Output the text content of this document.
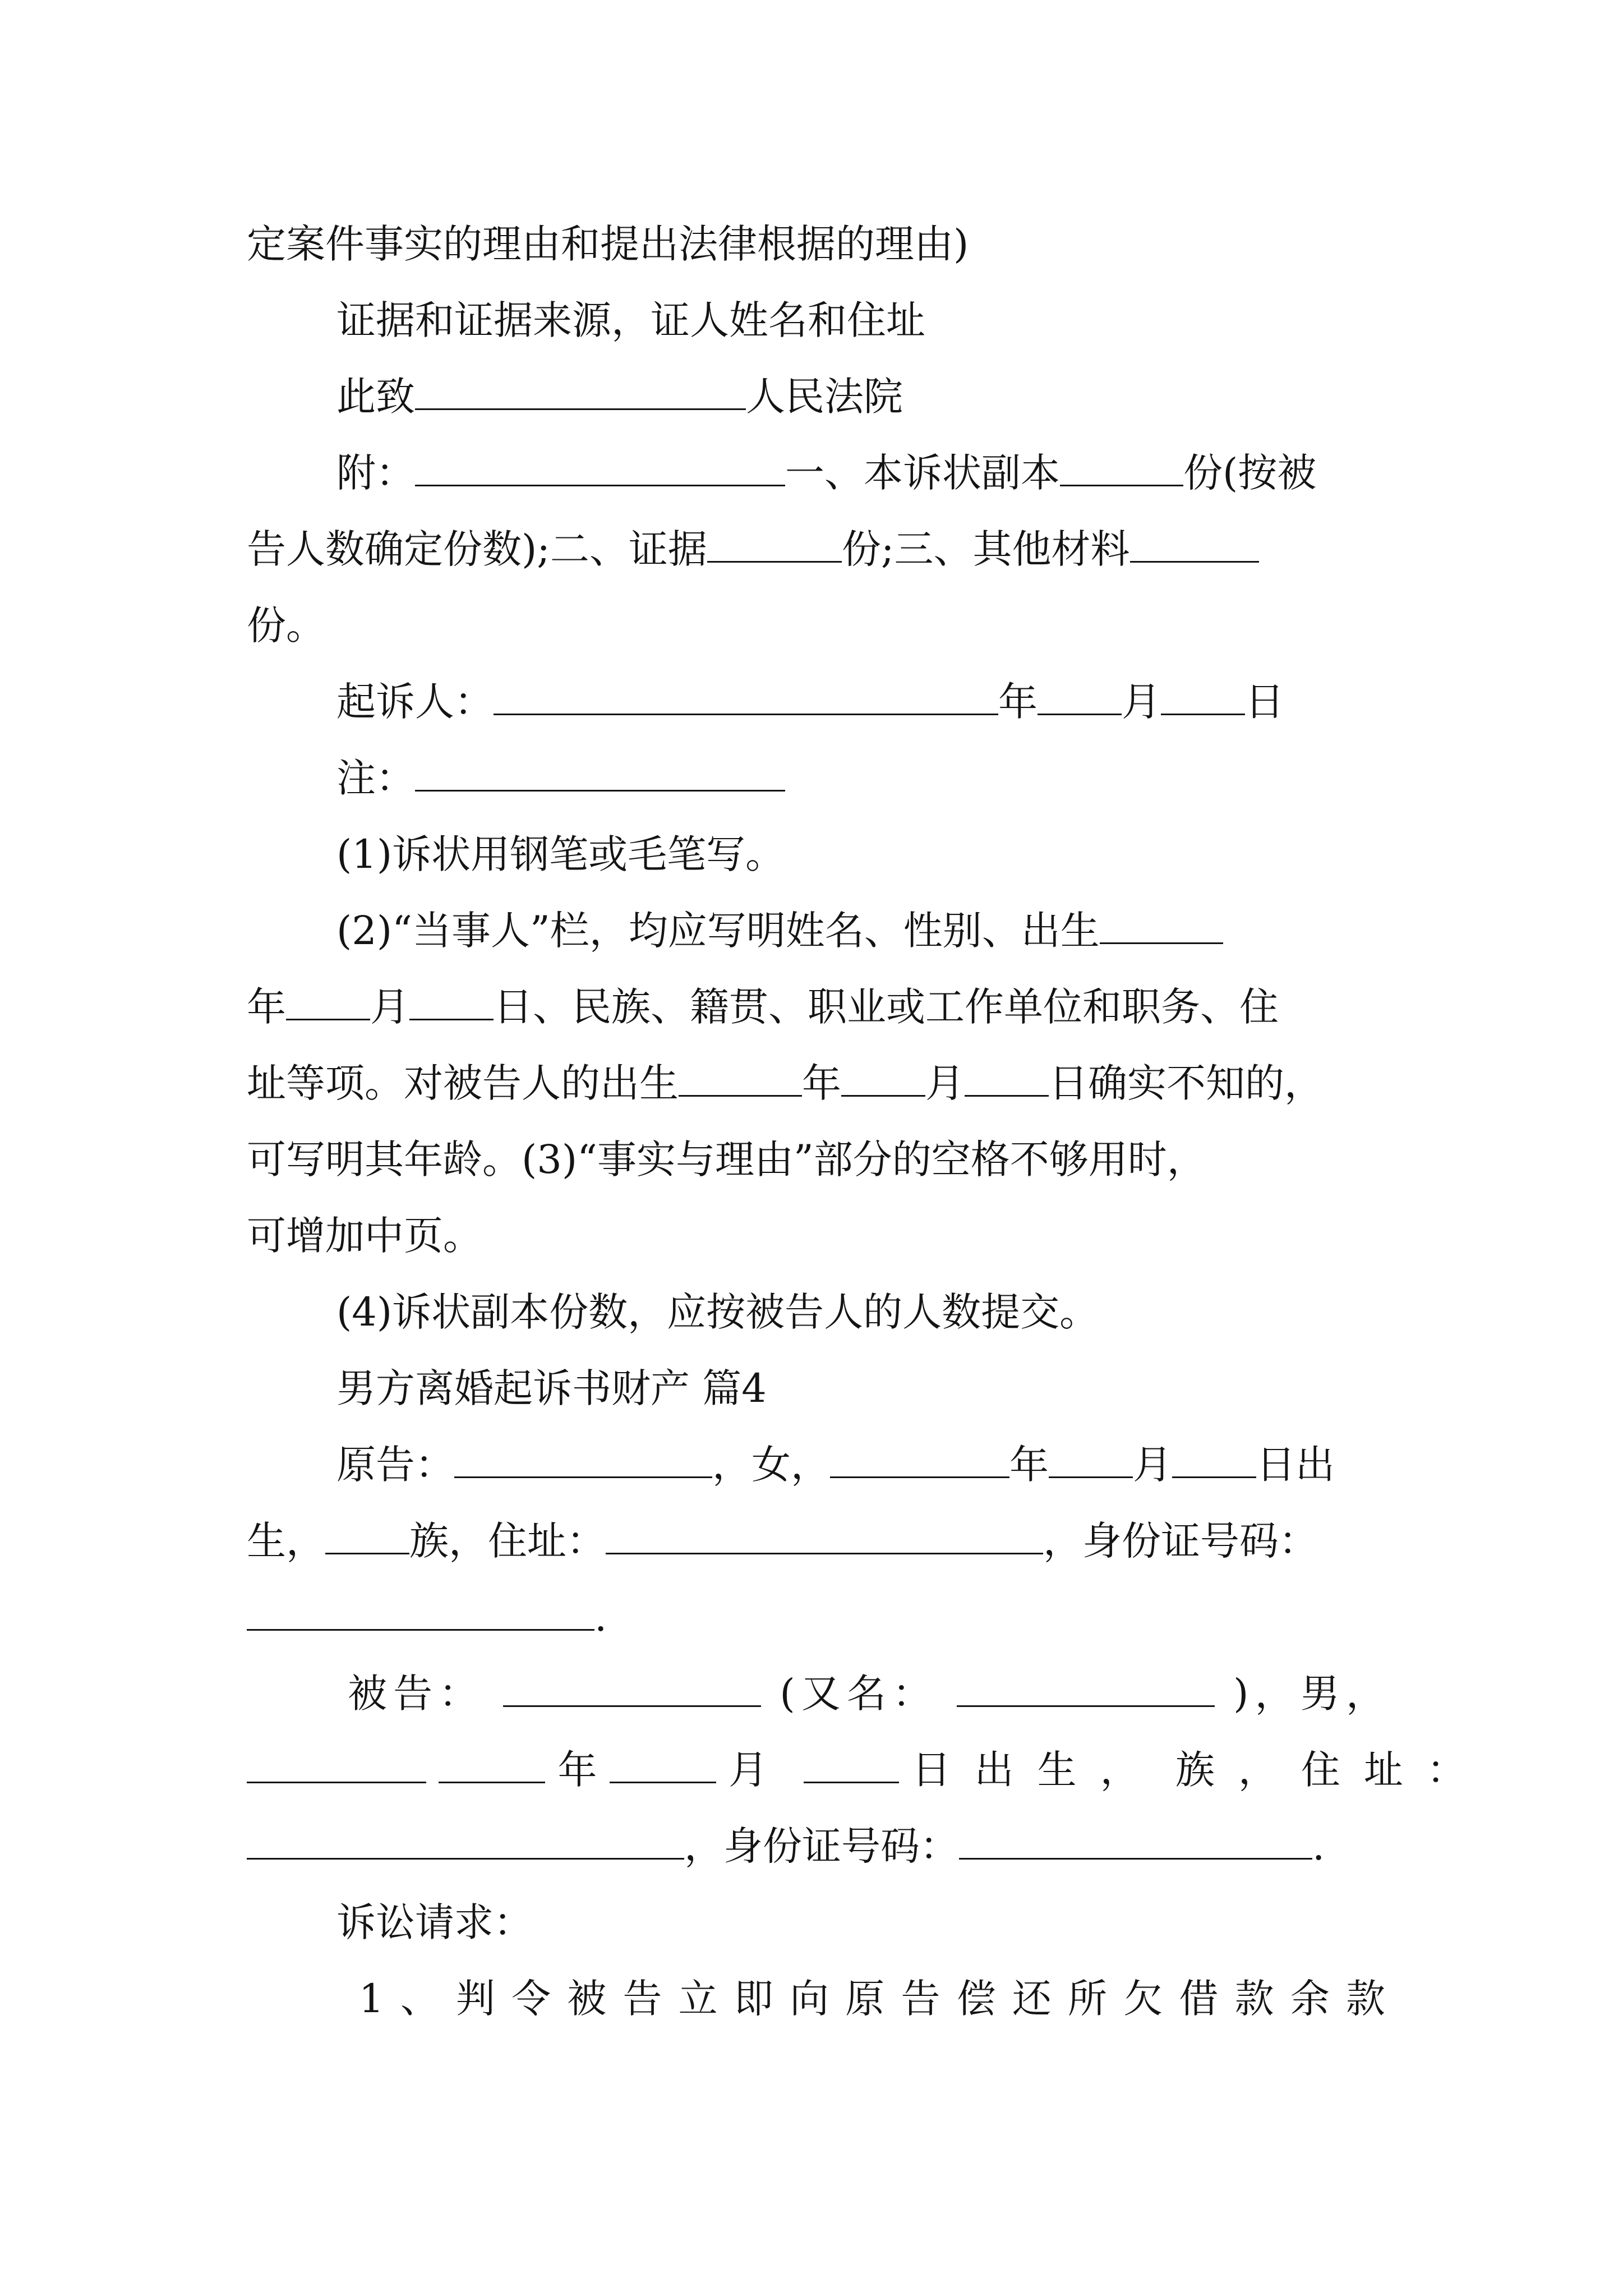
定案件事实的理由和提出法律根据的理由)
证据和证据来源，证人姓名和住址
此致	人民法院
附：	一、本诉状副本	份(按被
告人数确定份数);二、证据	份;三、其他材料
份。
起诉人：	年 月 日
注：
(1)诉状用钢笔或毛笔写。
(2)“当事人”栏，均应写明姓名、性别、出生
年 月 日、民族、籍贯、职业或工作单位和职务、住
址等项。对被告人的出生	年 月 日确实不知的，
可写明其年龄。(3)“事实与理由”部分的空格不够用时，
可增加中页。
(4)诉状副本份数，应按被告人的人数提交。
男方离婚起诉书财产 篇4
原告：	，女，	年 月 日出
生， 族，住址：	，身份证号码：
.
被告：	(又名：	)，男，
年	月	日出生， 族，住址：
，身份证号码：	.
诉讼请求：
1、判令被告立即向原告偿还所欠借款余款
